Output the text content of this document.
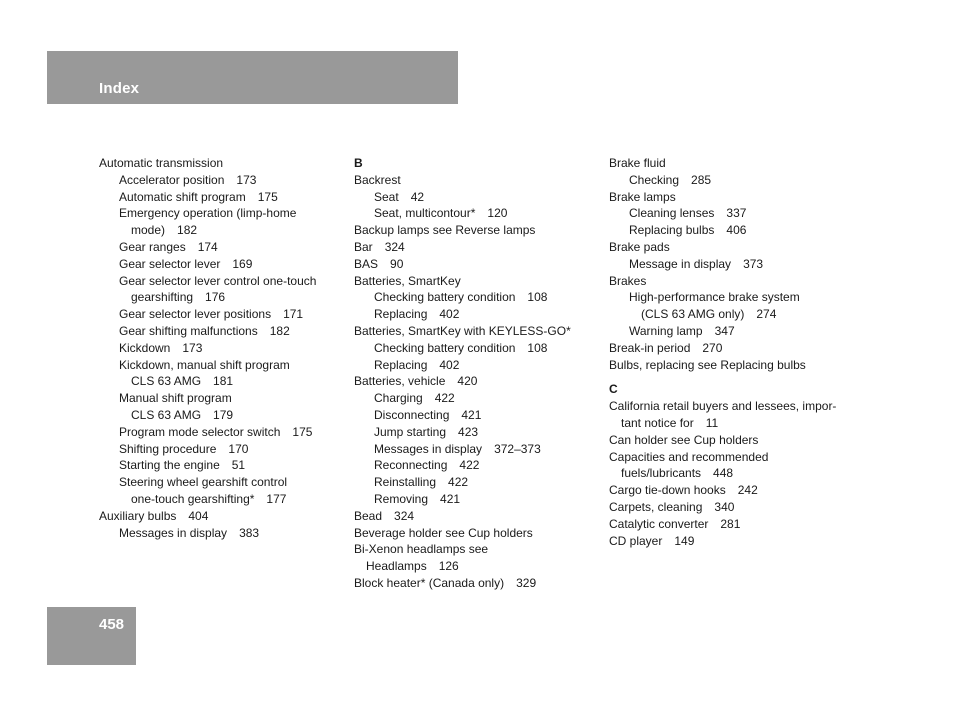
Index
Automatic transmission
Accelerator position 173
Automatic shift program 175
Emergency operation (limp-home
mode) 182
Gear ranges 174
Gear selector lever 169
Gear selector lever control one-touch
gearshifting 176
Gear selector lever positions 171
Gear shifting malfunctions 182
Kickdown 173
Kickdown, manual shift program
CLS 63 AMG 181
Manual shift program
CLS 63 AMG 179
Program mode selector switch 175
Shifting procedure 170
Starting the engine 51
Steering wheel gearshift control
one-touch gearshifting* 177
Auxiliary bulbs 404
Messages in display 383
B
Backrest
Seat 42
Seat, multicontour* 120
Backup lamps see Reverse lamps
Bar 324
BAS 90
Batteries, SmartKey
Checking battery condition 108
Replacing 402
Batteries, SmartKey with KEYLESS-GO*
Checking battery condition 108
Replacing 402
Batteries, vehicle 420
Charging 422
Disconnecting 421
Jump starting 423
Messages in display 372–373
Reconnecting 422
Reinstalling 422
Removing 421
Bead 324
Beverage holder see Cup holders
Bi-Xenon headlamps see
Headlamps 126
Block heater* (Canada only) 329
Brake fluid
Checking 285
Brake lamps
Cleaning lenses 337
Replacing bulbs 406
Brake pads
Message in display 373
Brakes
High-performance brake system
(CLS 63 AMG only) 274
Warning lamp 347
Break-in period 270
Bulbs, replacing see Replacing bulbs
C
California retail buyers and lessees, impor-
tant notice for 11
Can holder see Cup holders
Capacities and recommended
fuels/lubricants 448
Cargo tie-down hooks 242
Carpets, cleaning 340
Catalytic converter 281
CD player 149
458
